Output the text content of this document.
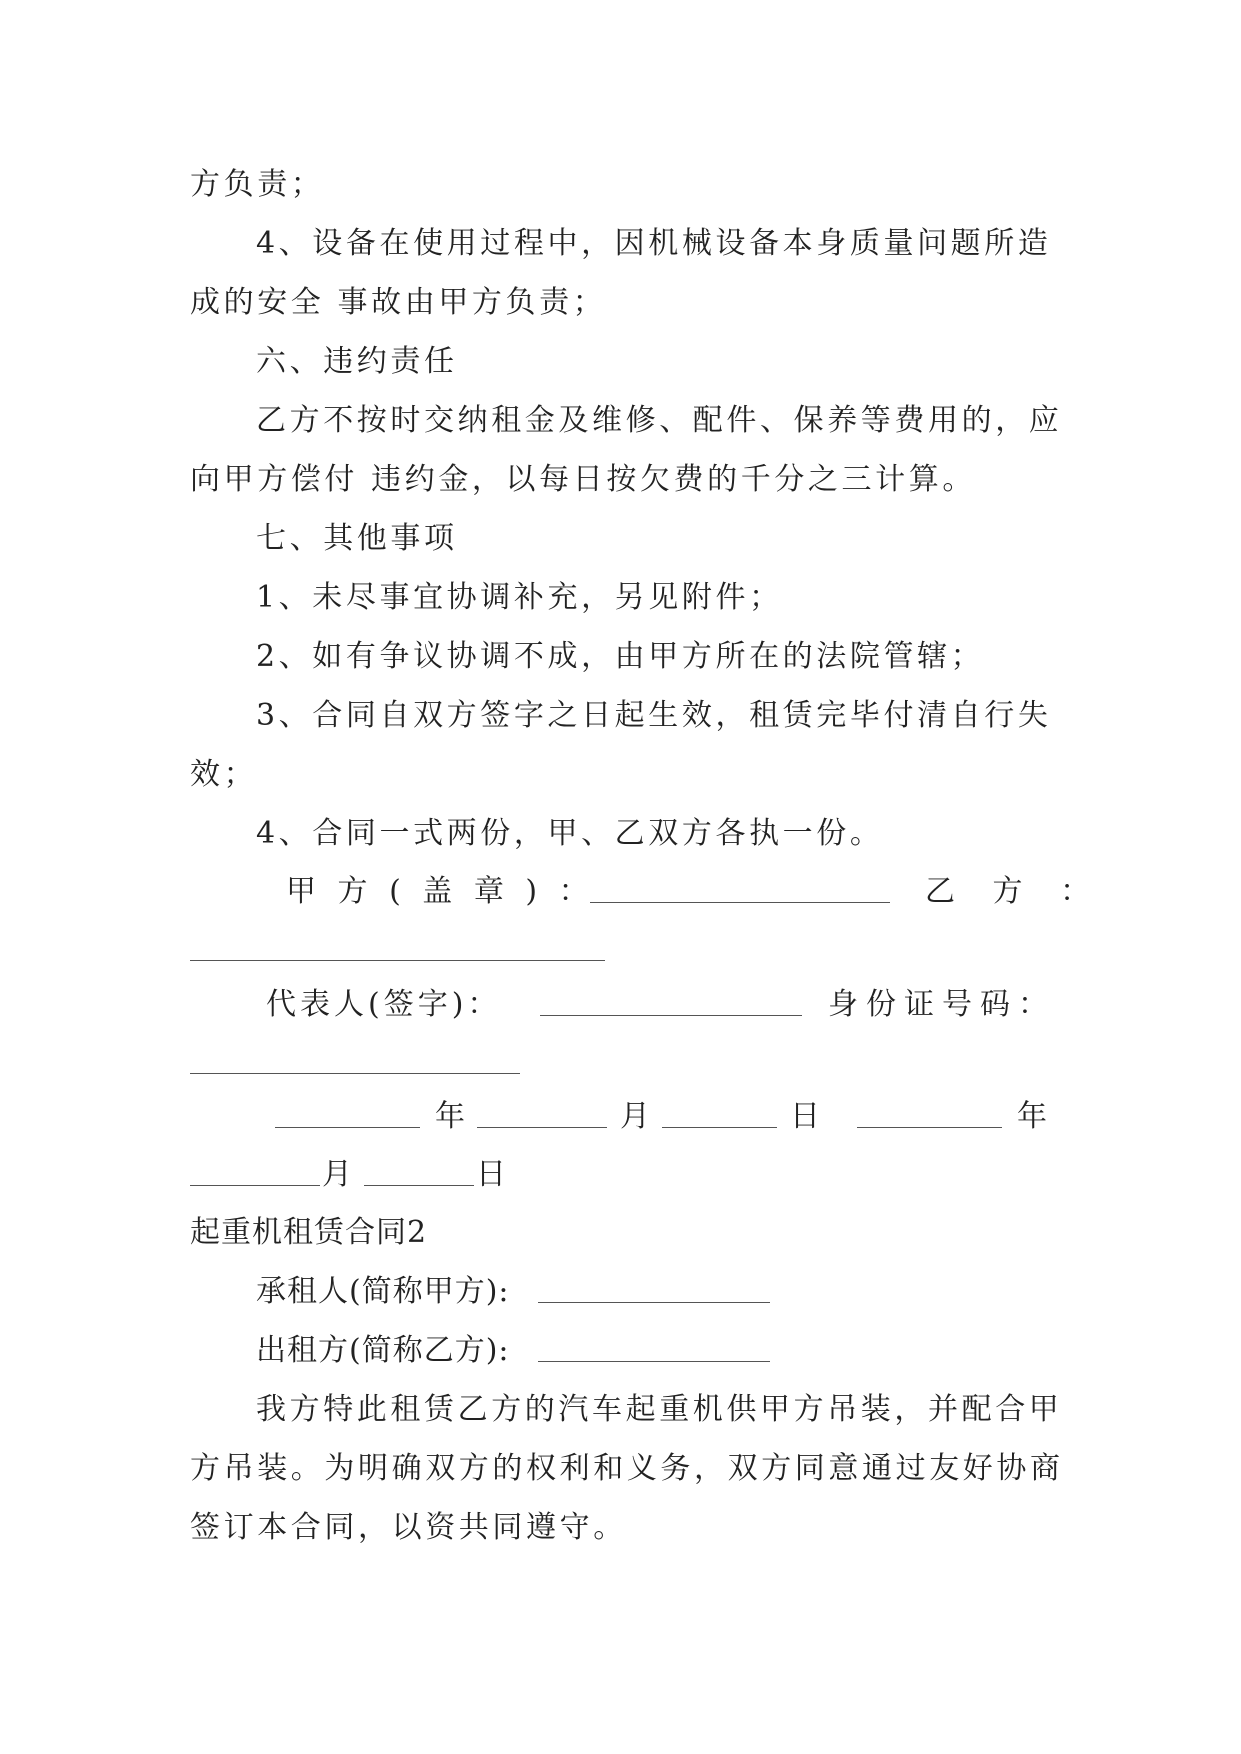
方负责；
4、设备在使用过程中，因机械设备本身质量问题所造
成的安全 事故由甲方负责；
六、违约责任
乙方不按时交纳租金及维修、配件、保养等费用的，应
向甲方偿付 违约金，以每日按欠费的千分之三计算。
七、其他事项
1、未尽事宜协调补充，另见附件；
2、如有争议协调不成，由甲方所在的法院管辖；
3、合同自双方签字之日起生效，租赁完毕付清自行失
效；
4、合同一式两份，甲、乙双方各执一份。
甲 方 ( 盖 章 ) ：	乙 方 ：
代表人(签字)：	身份证号码：
年	月	日	年
月	日
起重机租赁合同2
承租人(简称甲方):
出租方(简称乙方):
我方特此租赁乙方的汽车起重机供甲方吊装，并配合甲
方吊装。为明确双方的权利和义务，双方同意通过友好协商
签订本合同，以资共同遵守。
